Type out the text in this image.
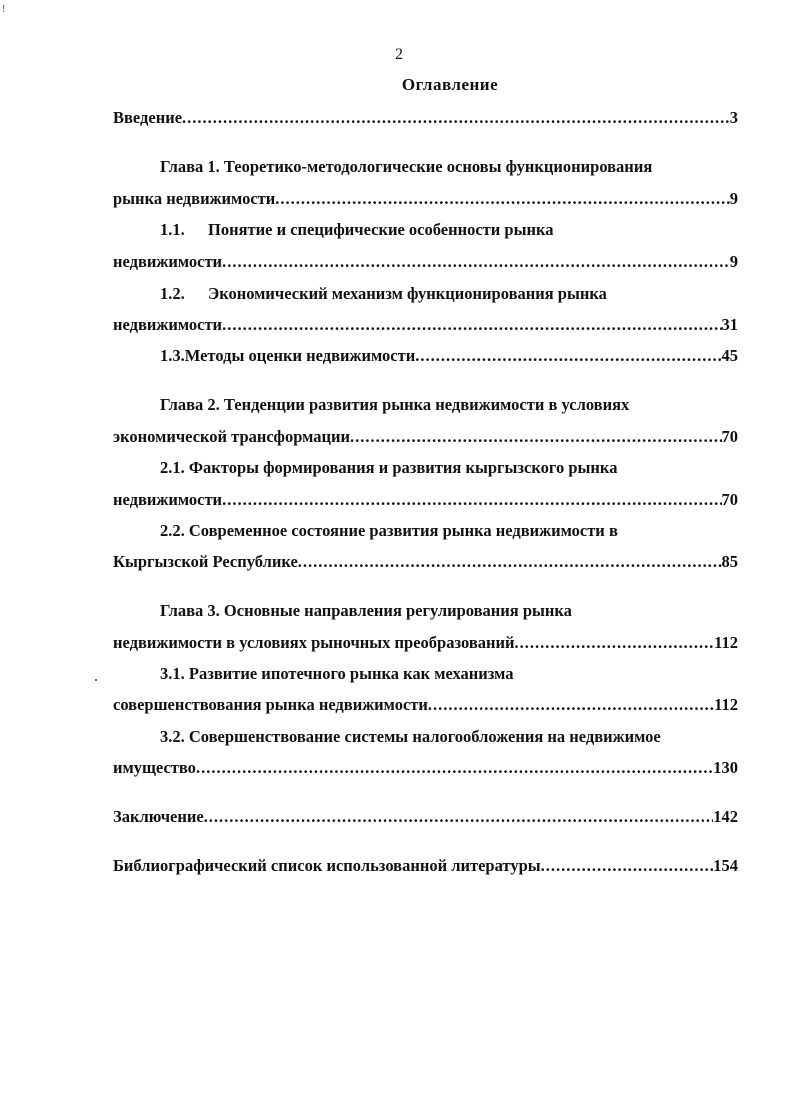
!
2
Оглавление
Введение .....	3
Глава 1. Теоретико-методологические основы функционирования
рынка недвижимости .....	9
1.1. Понятие и специфические особенности рынка
недвижимости .....	9
1.2. Экономический механизм функционирования рынка
недвижимости .....	31
1.3. Методы оценки недвижимости .....	45
Глава 2. Тенденции развития рынка недвижимости в условиях
экономической трансформации .....	70
2.1. Факторы формирования и развития кыргызского рынка
недвижимости .....	70
2.2. Современное состояние развития рынка недвижимости в
Кыргызской Республике .....	85
Глава 3. Основные направления регулирования рынка
недвижимости в условиях рыночных преобразований .....	112
3.1. Развитие ипотечного рынка как механизма
совершенствования рынка недвижимости .....	112
3.2. Совершенствование системы налогообложения на недвижимое
имущество .....	130
Заключение .....	142
Библиографический список использованной литературы .....	154
